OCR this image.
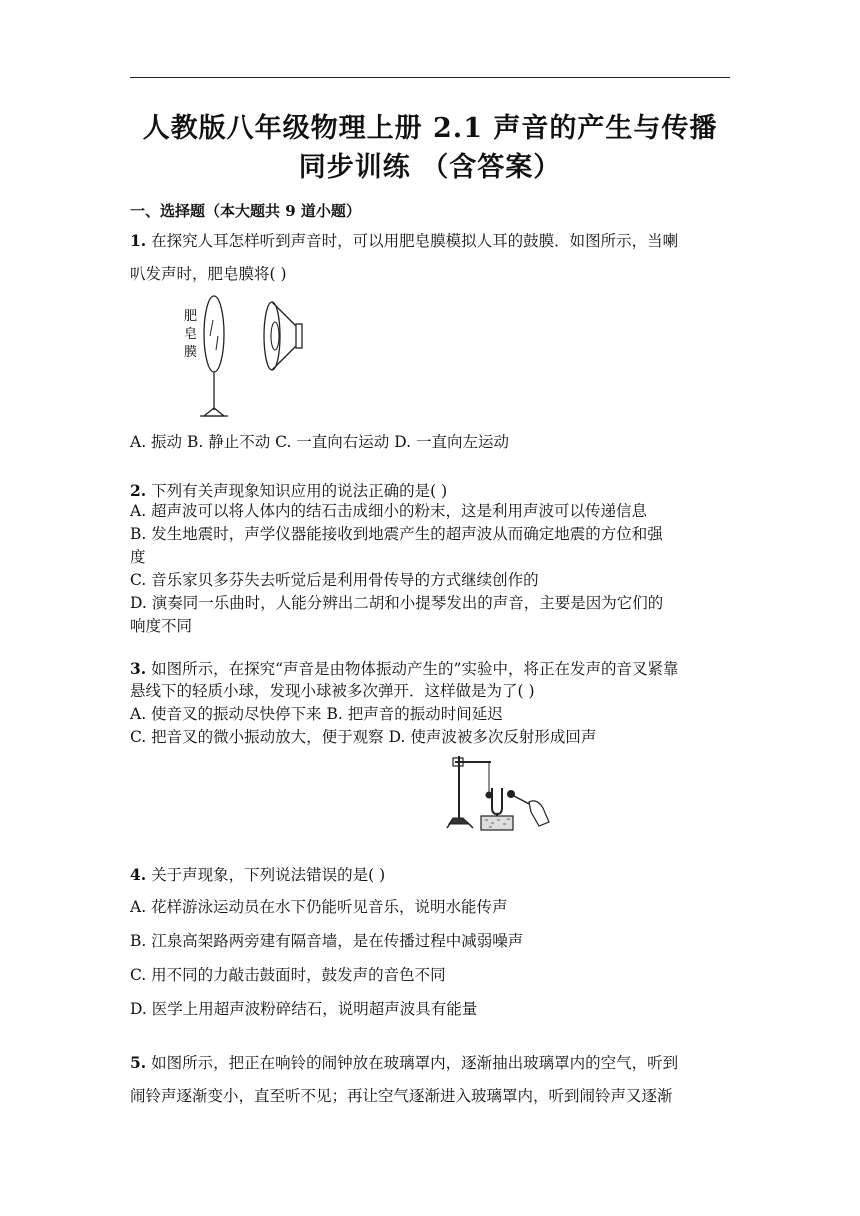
人教版八年级物理上册 2.1 声音的产生与传播
同步训练 （含答案）
一、选择题（本大题共 9 道小题）
1. 在探究人耳怎样听到声音时，可以用肥皂膜模拟人耳的鼓膜．如图所示，当喇
叭发声时，肥皂膜将( )
肥
皂
膜
A. 振动 B. 静止不动 C. 一直向右运动 D. 一直向左运动
2. 下列有关声现象知识应用的说法正确的是( )
A. 超声波可以将人体内的结石击成细小的粉末，这是利用声波可以传递信息
B. 发生地震时，声学仪器能接收到地震产生的超声波从而确定地震的方位和强
度
C. 音乐家贝多芬失去听觉后是利用骨传导的方式继续创作的
D. 演奏同一乐曲时，人能分辨出二胡和小提琴发出的声音，主要是因为它们的
响度不同
3. 如图所示，在探究“声音是由物体振动产生的”实验中，将正在发声的音叉紧靠
悬线下的轻质小球，发现小球被多次弹开．这样做是为了( )
A. 使音叉的振动尽快停下来 B. 把声音的振动时间延迟
C. 把音叉的微小振动放大，便于观察 D. 使声波被多次反射形成回声
4. 关于声现象，下列说法错误的是( )
A. 花样游泳运动员在水下仍能听见音乐，说明水能传声
B. 江泉高架路两旁建有隔音墙，是在传播过程中减弱噪声
C. 用不同的力敲击鼓面时，鼓发声的音色不同
D. 医学上用超声波粉碎结石，说明超声波具有能量
5. 如图所示，把正在响铃的闹钟放在玻璃罩内，逐渐抽出玻璃罩内的空气，听到
闹铃声逐渐变小，直至听不见；再让空气逐渐进入玻璃罩内，听到闹铃声又逐渐
